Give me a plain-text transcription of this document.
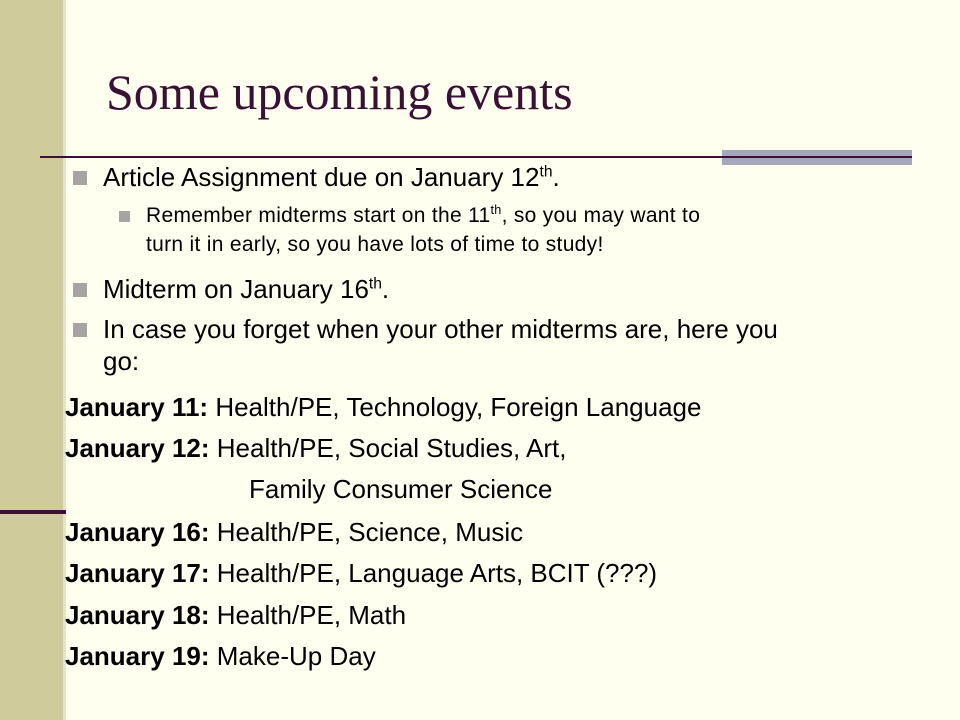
Some upcoming events
Article Assignment due on January 12th.
Remember midterms start on the 11th, so you may want to
turn it in early, so you have lots of time to study!
Midterm on January 16th.
In case you forget when your other midterms are, here you
go:
January 11: Health/PE, Technology, Foreign Language
January 12: Health/PE, Social Studies, Art,
Family Consumer Science
January 16: Health/PE, Science, Music
January 17: Health/PE, Language Arts, BCIT (???)
January 18: Health/PE, Math
January 19: Make-Up Day
